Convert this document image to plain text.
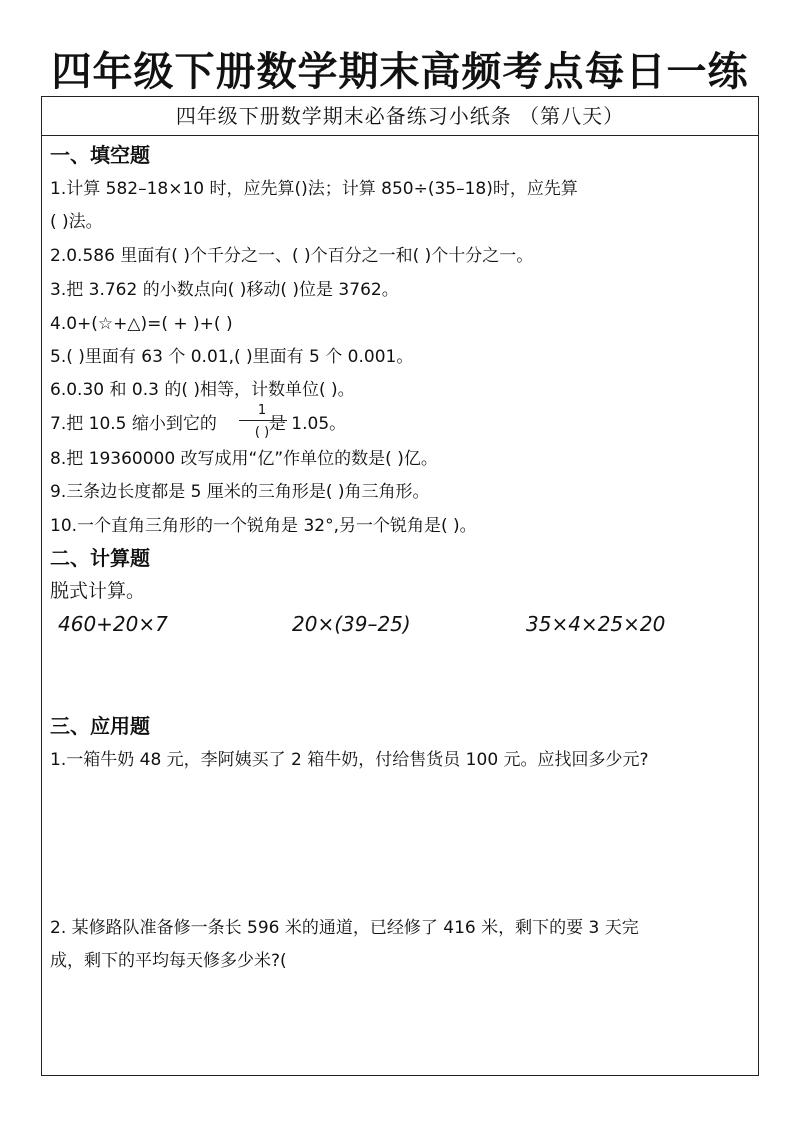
四年级下册数学期末高频考点每日一练
四年级下册数学期末必备练习小纸条 （第八天）
一、填空题
1.计算 582–18×10 时，应先算()法；计算 850÷(35–18)时，应先算
( )法。
2.0.586 里面有( )个千分之一、( )个百分之一和( )个十分之一。
3.把 3.762 的小数点向( )移动( )位是 3762。
4.0+(☆+△)=( + )+( )
5.( )里面有 63 个 0.01,( )里面有 5 个 0.001。
6.0.30 和 0.3 的( )相等，计数单位( )。
7.把 10.5 缩小到它的	是 1.05。
1
( )
8.把 19360000 改写成用“亿”作单位的数是( )亿。
9.三条边长度都是 5 厘米的三角形是( )角三角形。
10.一个直角三角形的一个锐角是 32°,另一个锐角是( )。
二、计算题
脱式计算。
460+20×7	20×(39–25)	35×4×25×20
三、应用题
1.一箱牛奶 48 元，李阿姨买了 2 箱牛奶，付给售货员 100 元。应找回多少元?
2. 某修路队准备修一条长 596 米的通道，已经修了 416 米，剩下的要 3 天完
成，剩下的平均每天修多少米?(
